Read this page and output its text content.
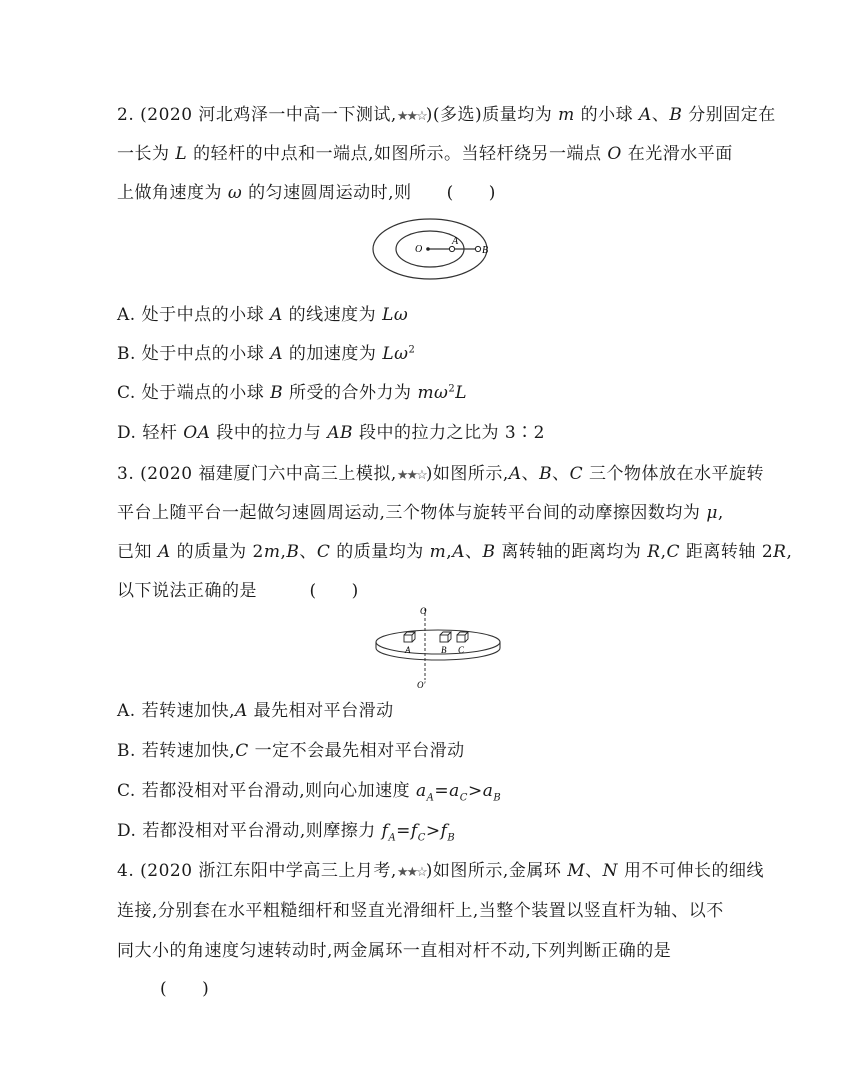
2. (2020 河北鸡泽一中高一下测试,★★☆)(多选)质量均为 m 的小球 A、B 分别固定在
一长为 L 的轻杆的中点和一端点,如图所示。当轻杆绕另一端点 O 在光滑水平面
上做角速度为 ω 的匀速圆周运动时,则　　(　　)
O
A
B
A. 处于中点的小球 A 的线速度为 Lω
B. 处于中点的小球 A 的加速度为 $L\omega^2$
C. 处于端点的小球 B 所受的合外力为 $m\omega^2L$
D. 轻杆 OA 段中的拉力与 AB 段中的拉力之比为 3∶2
3. (2020 福建厦门六中高三上模拟,★★☆)如图所示,A、B、C 三个物体放在水平旋转
平台上随平台一起做匀速圆周运动,三个物体与旋转平台间的动摩擦因数均为 μ,
已知 A 的质量为 2m,B、C 的质量均为 m,A、B 离转轴的距离均为 R,C 距离转轴 2R,
以下说法正确的是　　　(　　)
O
O'
A	B C
A. 若转速加快,A 最先相对平台滑动
B. 若转速加快,C 一定不会最先相对平台滑动
C. 若都没相对平台滑动,则向心加速度 $a_A=a_C>a_B$
D. 若都没相对平台滑动,则摩擦力 $f_A=f_C>f_B$
4. (2020 浙江东阳中学高三上月考,★★☆)如图所示,金属环 M、N 用不可伸长的细线
连接,分别套在水平粗糙细杆和竖直光滑细杆上,当整个装置以竖直杆为轴、以不
同大小的角速度匀速转动时,两金属环一直相对杆不动,下列判断正确的是
(　　)
